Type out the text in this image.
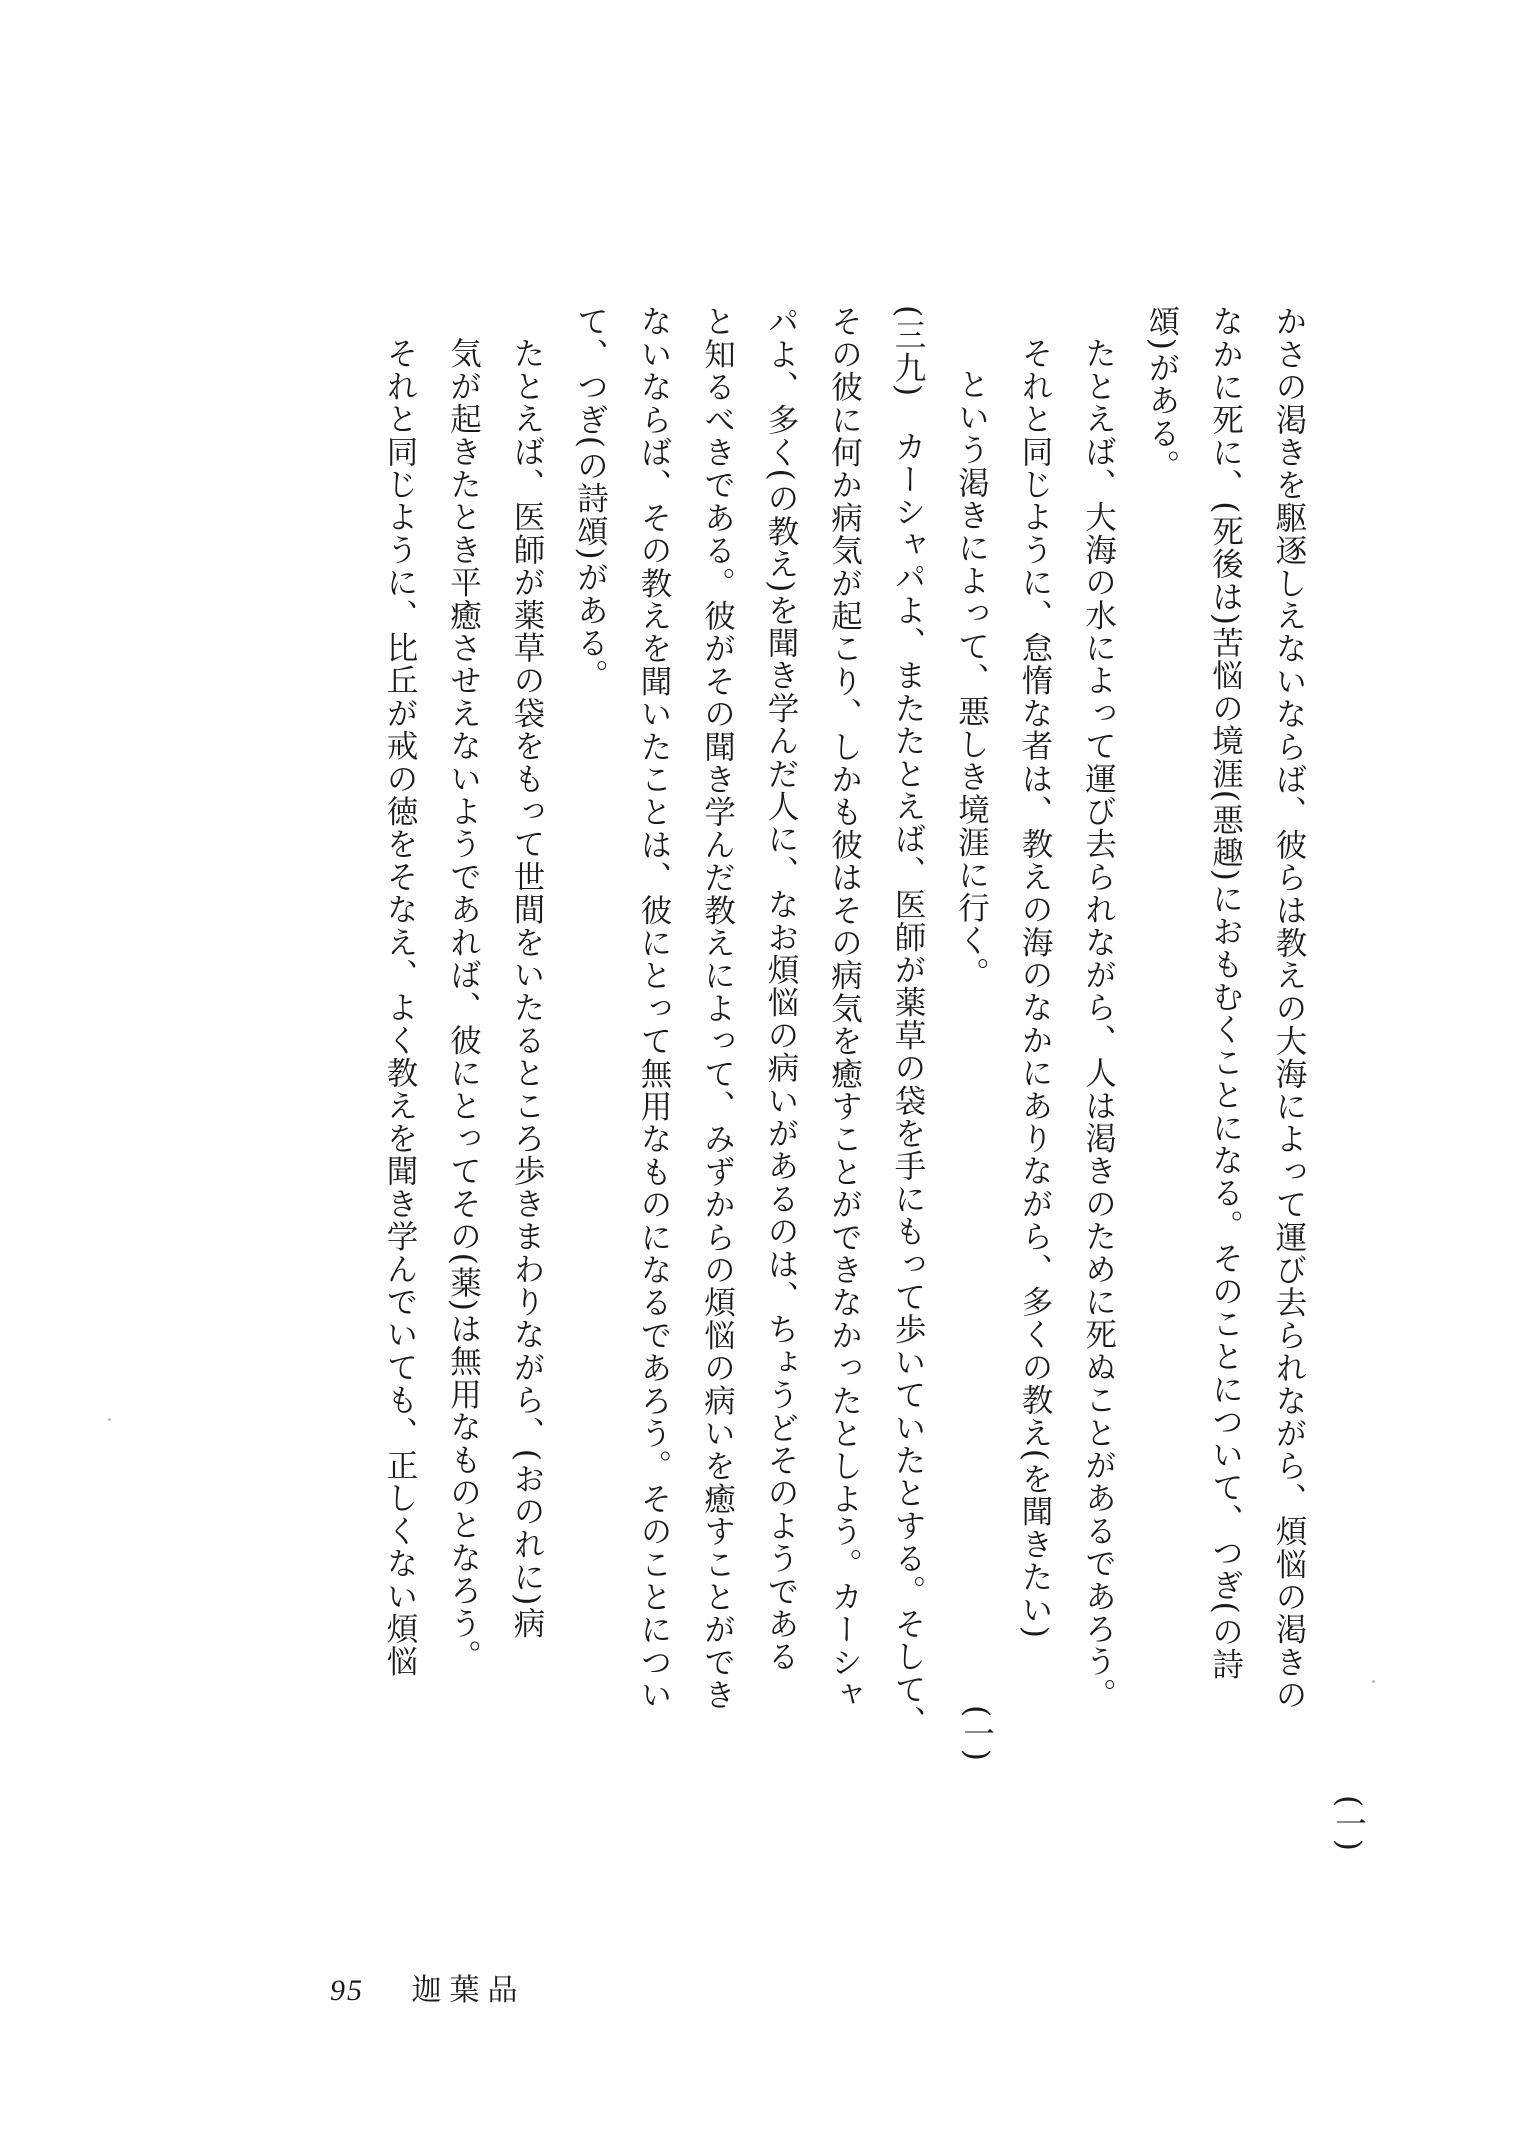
かさの渇きを駆逐しえないならば、彼らは教えの大海によって運び去られながら、煩悩の渇きの
なかに死に、(死後は)苦悩の境涯(悪趣)におもむくことになる。そのことについて、つぎ(の詩
頌)がある。
たとえば、大海の水によって運び去られながら、人は渇きのために死ぬことがあるであろう。
それと同じように、怠惰な者は、教えの海のなかにありながら、多くの教え(を聞きたい)
という渇きによって、悪しき境涯に行く。
(三九)　カーシャパよ、またたとえば、医師が薬草の袋を手にもって歩いていたとする。そして、
その彼に何か病気が起こり、しかも彼はその病気を癒すことができなかったとしよう。カーシャ
パよ、多く(の教え)を聞き学んだ人に、なお煩悩の病いがあるのは、ちょうどそのようである
と知るべきである。彼がその聞き学んだ教えによって、みずからの煩悩の病いを癒すことができ
ないならば、その教えを聞いたことは、彼にとって無用なものになるであろう。そのことについ
て、つぎ(の詩頌)がある。
たとえば、医師が薬草の袋をもって世間をいたるところ歩きまわりながら、(おのれに)病
気が起きたとき平癒させえないようであれば、彼にとってその(薬)は無用なものとなろう。
それと同じように、比丘が戒の徳をそなえ、よく教えを聞き学んでいても、正しくない煩悩
(一)
(一)
95 迦葉品
